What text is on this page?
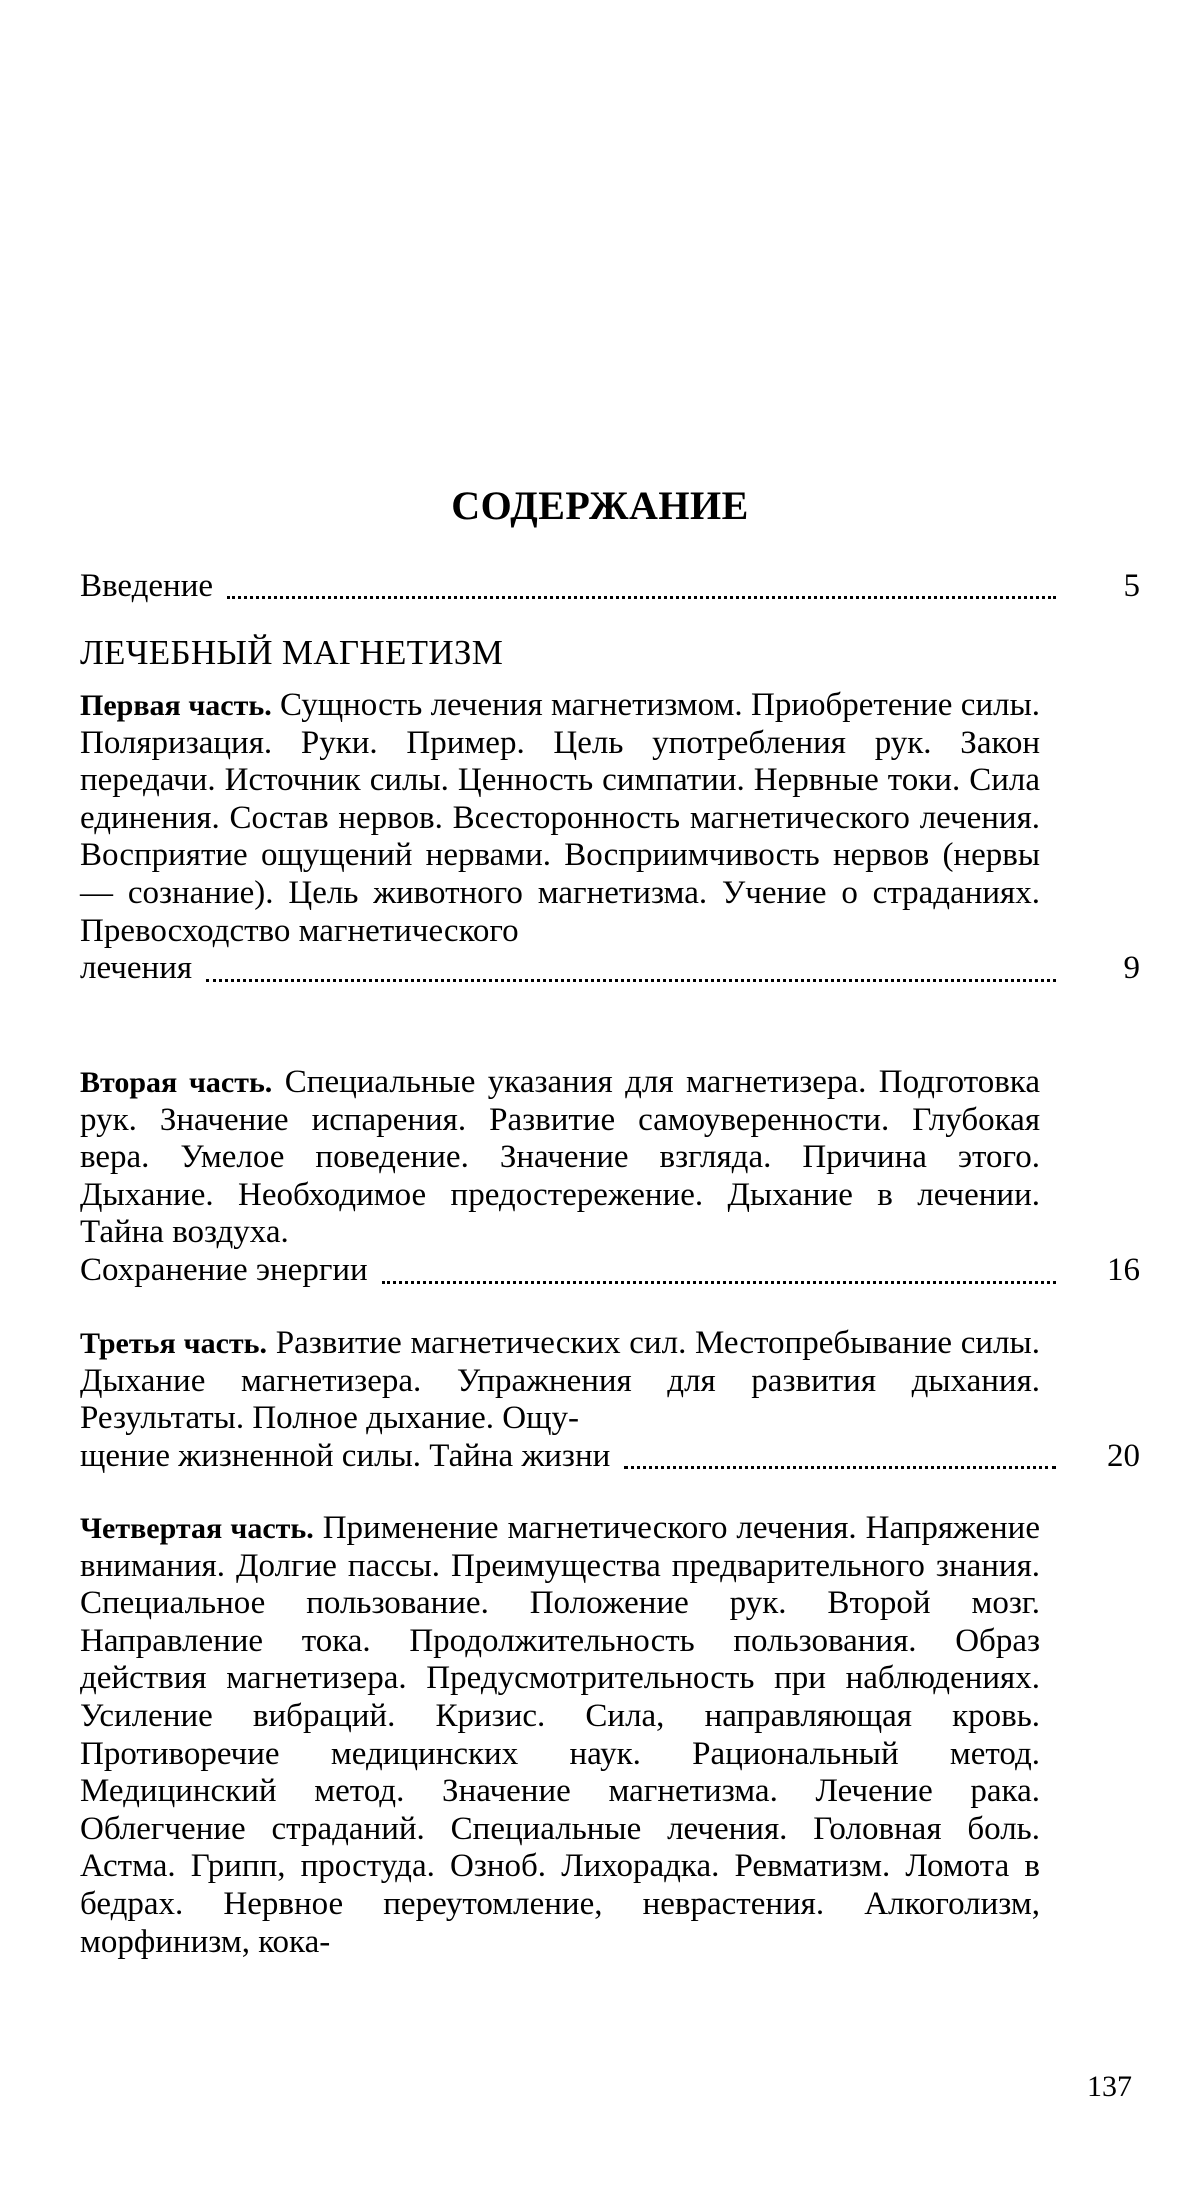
СОДЕРЖАНИЕ
Введение	5
ЛЕЧЕБНЫЙ МАГНЕТИЗМ
Первая часть. Сущность лечения магнетизмом. Приобретение силы. Поляризация. Руки. Пример. Цель употребления рук. Закон передачи. Источник силы. Ценность симпатии. Нервные токи. Сила единения. Состав нервов. Всесторонность магнетического лечения. Восприятие ощущений нервами. Восприимчивость нервов (нервы — сознание). Цель животного магнетизма. Учение о страданиях. Превосходство магнетического
лечения	9
Вторая часть. Специальные указания для магнетизера. Подготовка рук. Значение испарения. Развитие самоуверенности. Глубокая вера. Умелое поведение. Значение взгляда. Причина этого. Дыхание. Необходимое предостережение. Дыхание в лечении. Тайна воздуха.
Сохранение энергии	16
Третья часть. Развитие магнетических сил. Местопребывание силы. Дыхание магнетизера. Упражнения для развития дыхания. Результаты. Полное дыхание. Ощу-
щение жизненной силы. Тайна жизни	20
Четвертая часть. Применение магнетического лечения. Напряжение внимания. Долгие пассы. Преимущества предварительного знания. Специальное пользование. Положение рук. Второй мозг. Направление тока. Продолжительность пользования. Образ действия магнетизера. Предусмотрительность при наблюдениях. Усиление вибраций. Кризис. Сила, направляющая кровь. Противоречие медицинских наук. Рациональный метод. Медицинский метод. Значение магнетизма. Лечение рака. Облегчение страданий. Специальные лечения. Головная боль. Астма. Грипп, простуда. Озноб. Лихорадка. Ревматизм. Ломота в бедрах. Нервное переутомление, неврастения. Алкоголизм, морфинизм, кока-
137
